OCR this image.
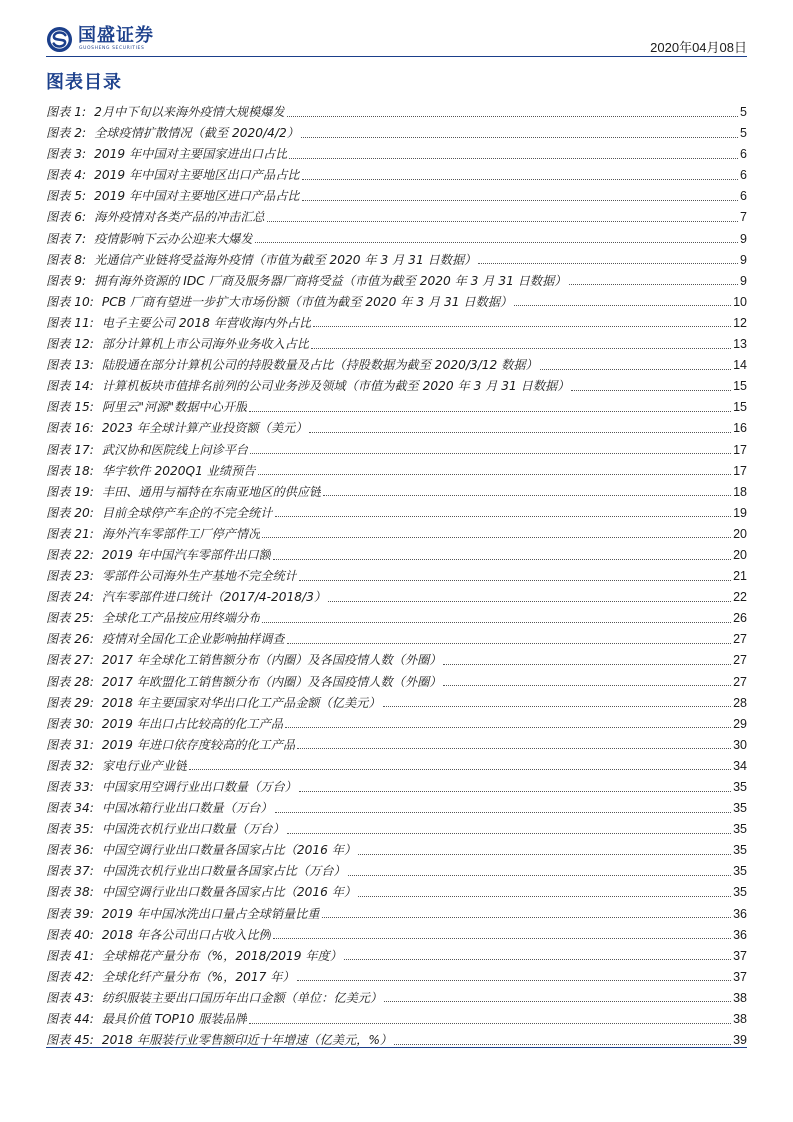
国盛证券
GUOSHENG SECURITIES	2020年04月08日
图表目录
图表 1: 2月中下旬以来海外疫情大规模爆发	5
图表 2: 全球疫情扩散情况（截至 2020/4/2）	5
图表 3: 2019 年中国对主要国家进出口占比	6
图表 4: 2019 年中国对主要地区出口产品占比	6
图表 5: 2019 年中国对主要地区进口产品占比	6
图表 6: 海外疫情对各类产品的冲击汇总	7
图表 7: 疫情影响下云办公迎来大爆发	9
图表 8: 光通信产业链将受益海外疫情（市值为截至 2020 年 3 月 31 日数据）	9
图表 9: 拥有海外资源的 IDC 厂商及服务器厂商将受益（市值为截至 2020 年 3 月 31 日数据）	9
图表 10: PCB 厂商有望进一步扩大市场份额（市值为截至 2020 年 3 月 31 日数据）	10
图表 11: 电子主要公司 2018 年营收海内外占比	12
图表 12: 部分计算机上市公司海外业务收入占比	13
图表 13: 陆股通在部分计算机公司的持股数量及占比（持股数据为截至 2020/3/12 数据）	14
图表 14: 计算机板块市值排名前列的公司业务涉及领域（市值为截至 2020 年 3 月 31 日数据）	15
图表 15: 阿里云"河源"数据中心开服	15
图表 16: 2023 年全球计算产业投资额（美元）	16
图表 17: 武汉协和医院线上问诊平台	17
图表 18: 华宇软件 2020Q1 业绩预告	17
图表 19: 丰田、通用与福特在东南亚地区的供应链	18
图表 20: 目前全球停产车企的不完全统计	19
图表 21: 海外汽车零部件工厂停产情况	20
图表 22: 2019 年中国汽车零部件出口额	20
图表 23: 零部件公司海外生产基地不完全统计	21
图表 24: 汽车零部件进口统计（2017/4-2018/3）	22
图表 25: 全球化工产品按应用终端分布	26
图表 26: 疫情对全国化工企业影响抽样调查	27
图表 27: 2017 年全球化工销售额分布（内圈）及各国疫情人数（外圈）	27
图表 28: 2017 年欧盟化工销售额分布（内圈）及各国疫情人数（外圈）	27
图表 29: 2018 年主要国家对华出口化工产品金额（亿美元）	28
图表 30: 2019 年出口占比较高的化工产品	29
图表 31: 2019 年进口依存度较高的化工产品	30
图表 32: 家电行业产业链	34
图表 33: 中国家用空调行业出口数量（万台）	35
图表 34: 中国冰箱行业出口数量（万台）	35
图表 35: 中国洗衣机行业出口数量（万台）	35
图表 36: 中国空调行业出口数量各国家占比（2016 年）	35
图表 37: 中国洗衣机行业出口数量各国家占比（万台）	35
图表 38: 中国空调行业出口数量各国家占比（2016 年）	35
图表 39: 2019 年中国冰洗出口量占全球销量比重	36
图表 40: 2018 年各公司出口占收入比例	36
图表 41: 全球棉花产量分布（%，2018/2019 年度）	37
图表 42: 全球化纤产量分布（%，2017 年）	37
图表 43: 纺织服装主要出口国历年出口金额（单位：亿美元）	38
图表 44: 最具价值 TOP10 服装品牌	38
图表 45: 2018 年服装行业零售额印近十年增速（亿美元，%）	39
